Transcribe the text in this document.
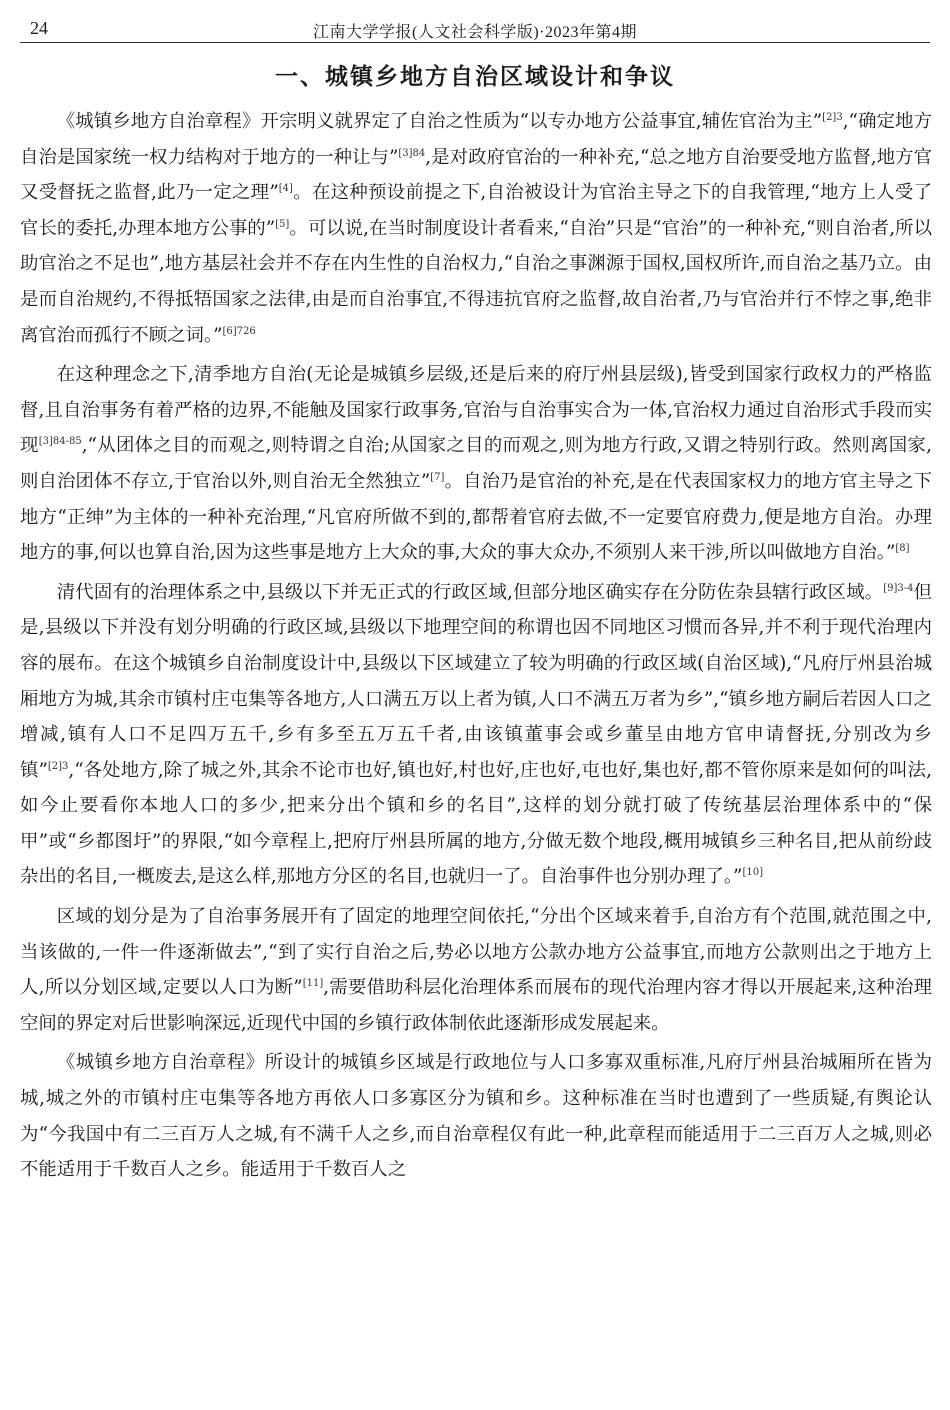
24	江南大学学报(人文社会科学版)·2023年第4期
一、城镇乡地方自治区域设计和争议

《城镇乡地方自治章程》开宗明义就界定了自治之性质为“以专办地方公益事宜,辅佐官治为主”$^{[2]3}$,“确定地方自治是国家统一权力结构对于地方的一种让与”$^{[3]84}$,是对政府官治的一种补充,“总之地方自治要受地方监督,地方官又受督抚之监督,此乃一定之理”[4]。在这种预设前提之下,自治被设计为官治主导之下的自我管理,“地方上人受了官长的委托,办理本地方公事的”[5]。可以说,在当时制度设计者看来,“自治”只是“官治”的一种补充,“则自治者,所以助官治之不足也”,地方基层社会并不存在内生性的自治权力,“自治之事渊源于国权,国权所许,而自治之基乃立。由是而自治规约,不得抵牾国家之法律,由是而自治事宜,不得违抗官府之监督,故自治者,乃与官治并行不悖之事,绝非离官治而孤行不顾之词。”$^{[6]726}$

在这种理念之下,清季地方自治(无论是城镇乡层级,还是后来的府厅州县层级),皆受到国家行政权力的严格监督,且自治事务有着严格的边界,不能触及国家行政事务,官治与自治事实合为一体,官治权力通过自治形式手段而实现$^{[3]84-85}$,“从团体之目的而观之,则特谓之自治;从国家之目的而观之,则为地方行政,又谓之特别行政。然则离国家,则自治团体不存立,于官治以外,则自治无全然独立”[7]。自治乃是官治的补充,是在代表国家权力的地方官主导之下地方“正绅”为主体的一种补充治理,“凡官府所做不到的,都帮着官府去做,不一定要官府费力,便是地方自治。办理地方的事,何以也算自治,因为这些事是地方上大众的事,大众的事大众办,不须别人来干涉,所以叫做地方自治。”[8]

清代固有的治理体系之中,县级以下并无正式的行政区域,但部分地区确实存在分防佐杂县辖行政区域。$^{[9]3-4}$但是,县级以下并没有划分明确的行政区域,县级以下地理空间的称谓也因不同地区习惯而各异,并不利于现代治理内容的展布。在这个城镇乡自治制度设计中,县级以下区域建立了较为明确的行政区域(自治区域),“凡府厅州县治城厢地方为城,其余市镇村庄屯集等各地方,人口满五万以上者为镇,人口不满五万者为乡”,“镇乡地方嗣后若因人口之增减,镇有人口不足四万五千,乡有多至五万五千者,由该镇董事会或乡董呈由地方官申请督抚,分别改为乡镇”$^{[2]3}$,“各处地方,除了城之外,其余不论市也好,镇也好,村也好,庄也好,屯也好,集也好,都不管你原来是如何的叫法,如今止要看你本地人口的多少,把来分出个镇和乡的名目”,这样的划分就打破了传统基层治理体系中的“保甲”或“乡都图圩”的界限,“如今章程上,把府厅州县所属的地方,分做无数个地段,概用城镇乡三种名目,把从前纷歧杂出的名目,一概废去,是这么样,那地方分区的名目,也就归一了。自治事件也分别办理了。”[10]

区域的划分是为了自治事务展开有了固定的地理空间依托,“分出个区域来着手,自治方有个范围,就范围之中,当该做的,一件一件逐渐做去”,“到了实行自治之后,势必以地方公款办地方公益事宜,而地方公款则出之于地方上人,所以分划区域,定要以人口为断”[11],需要借助科层化治理体系而展布的现代治理内容才得以开展起来,这种治理空间的界定对后世影响深远,近现代中国的乡镇行政体制依此逐渐形成发展起来。

《城镇乡地方自治章程》所设计的城镇乡区域是行政地位与人口多寡双重标准,凡府厅州县治城厢所在皆为城,城之外的市镇村庄屯集等各地方再依人口多寡区分为镇和乡。这种标准在当时也遭到了一些质疑,有舆论认为“今我国中有二三百万人之城,有不满千人之乡,而自治章程仅有此一种,此章程而能适用于二三百万人之城,则必不能适用于千数百人之乡。能适用于千数百人之
